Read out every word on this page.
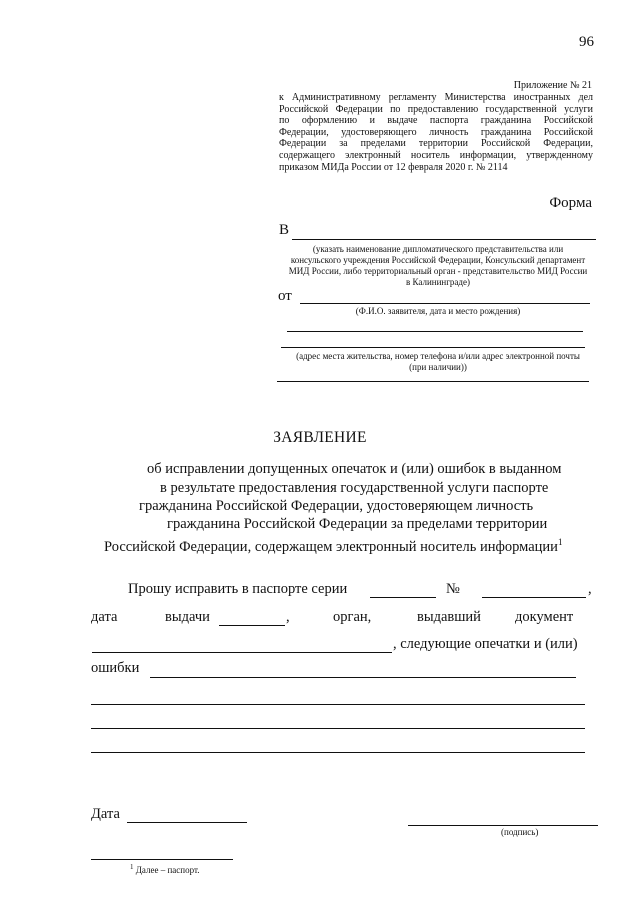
96
Приложение № 21
к Административному регламенту Министерства иностранных дел
Российской Федерации по предоставлению государственной услуги
по оформлению и выдаче паспорта гражданина Российской
Федерации, удостоверяющего личность гражданина Российской
Федерации за пределами территории Российской Федерации,
содержащего электронный носитель информации, утвержденному
приказом МИДа России от 12 февраля 2020 г. № 2114
Форма
В
(указать наименование дипломатического представительства или
консульского учреждения Российской Федерации, Консульский департамент
МИД России, либо территориальный орган - представительство МИД России
в Калининграде)
от
(Ф.И.О. заявителя, дата и место рождения)
(адрес места жительства, номер телефона и/или адрес электронной почты
(при наличии))
ЗАЯВЛЕНИЕ
об исправлении допущенных опечаток и (или) ошибок в выданном
в результате предоставления государственной услуги паспорте
гражданина Российской Федерации, удостоверяющем личность
гражданина Российской Федерации за пределами территории
Российской Федерации, содержащем электронный носитель информации$^1$
Прошу исправить в паспорте серии	№	,
дата	выдачи	,	орган,	выдавший документ
, следующие опечатки и (или)
ошибки
Дата
(подпись)
$^1$ Далее – паспорт.
